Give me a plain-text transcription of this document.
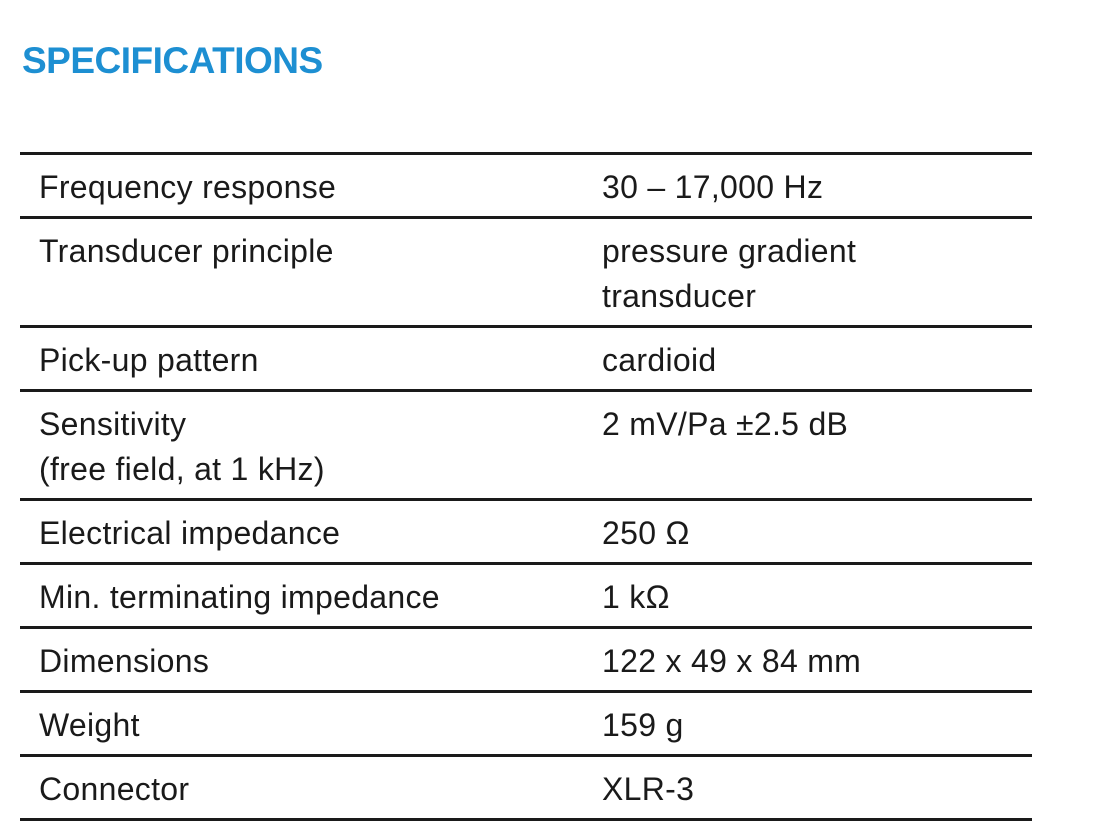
SPECIFICATIONS
Frequency response	30 – 17,000 Hz
Transducer principle	pressure gradient
transducer
Pick-up pattern	cardioid
Sensitivity
(free field, at 1 kHz)	2 mV/Pa ±2.5 dB
Electrical impedance	250 Ω
Min. terminating impedance	1 kΩ
Dimensions	122 x 49 x 84 mm
Weight	159 g
Connector	XLR-3
